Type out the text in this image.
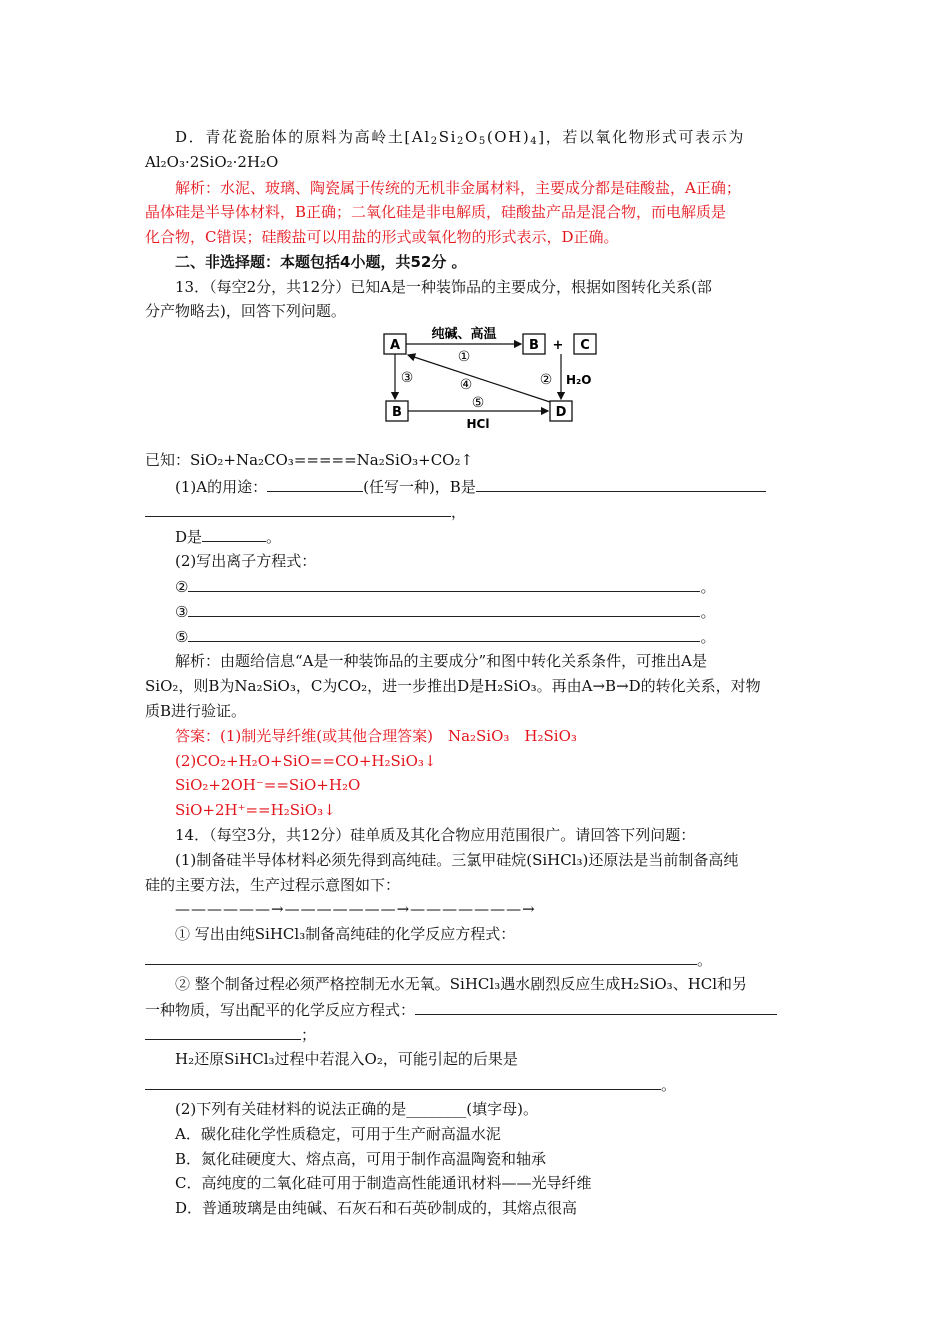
D．青花瓷胎体的原料为高岭土$[Al_2Si_2O_5(OH)_4]$，若以氧化物形式可表示为
Al₂O₃·2SiO₂·2H₂O
解析：水泥、玻璃、陶瓷属于传统的无机非金属材料，主要成分都是硅酸盐，A正确；
晶体硅是半导体材料，B正确；二氧化硅是非电解质，硅酸盐产品是混合物，而电解质是
化合物，C错误；硅酸盐可以用盐的形式或氧化物的形式表示，D正确。
二、非选择题：本题包括4小题，共52分 。
13．（每空2分，共12分）已知A是一种装饰品的主要成分，根据如图转化关系(部
分产物略去)，回答下列问题。
A	B + C
B	D
纯碱、高温
①
② H₂O
③	④
⑤
HCl
已知：SiO₂+Na₂CO₃=====Na₂SiO₃+CO₂↑
(1)A的用途：	(任写一种)，B是
，
D是	。
(2)写出离子方程式：
②	。
③	。
⑤	。
解析：由题给信息“A是一种装饰品的主要成分”和图中转化关系条件，可推出A是
SiO₂，则B为Na₂SiO₃，C为CO₂，进一步推出D是H₂SiO₃。再由A→B→D的转化关系，对物
质B进行验证。
答案：(1)制光导纤维(或其他合理答案)　Na₂SiO₃　H₂SiO₃
(2)CO₂+H₂O+SiO==CO+H₂SiO₃↓
SiO₂+2OH⁻==SiO+H₂O
SiO+2H⁺==H₂SiO₃↓
14．（每空3分，共12分）硅单质及其化合物应用范围很广。请回答下列问题：
(1)制备硅半导体材料必须先得到高纯硅。三氯甲硅烷(SiHCl₃)还原法是当前制备高纯
硅的主要方法，生产过程示意图如下：
——————→———————→———————→
① 写出由纯SiHCl₃制备高纯硅的化学反应方程式：
。
② 整个制备过程必须严格控制无水无氧。SiHCl₃遇水剧烈反应生成H₂SiO₃、HCl和另
一种物质，写出配平的化学反应方程式：
；
H₂还原SiHCl₃过程中若混入O₂，可能引起的后果是
。
(2)下列有关硅材料的说法正确的是________(填字母)。
A．碳化硅化学性质稳定，可用于生产耐高温水泥
B．氮化硅硬度大、熔点高，可用于制作高温陶瓷和轴承
C．高纯度的二氧化硅可用于制造高性能通讯材料——光导纤维
D．普通玻璃是由纯碱、石灰石和石英砂制成的，其熔点很高
